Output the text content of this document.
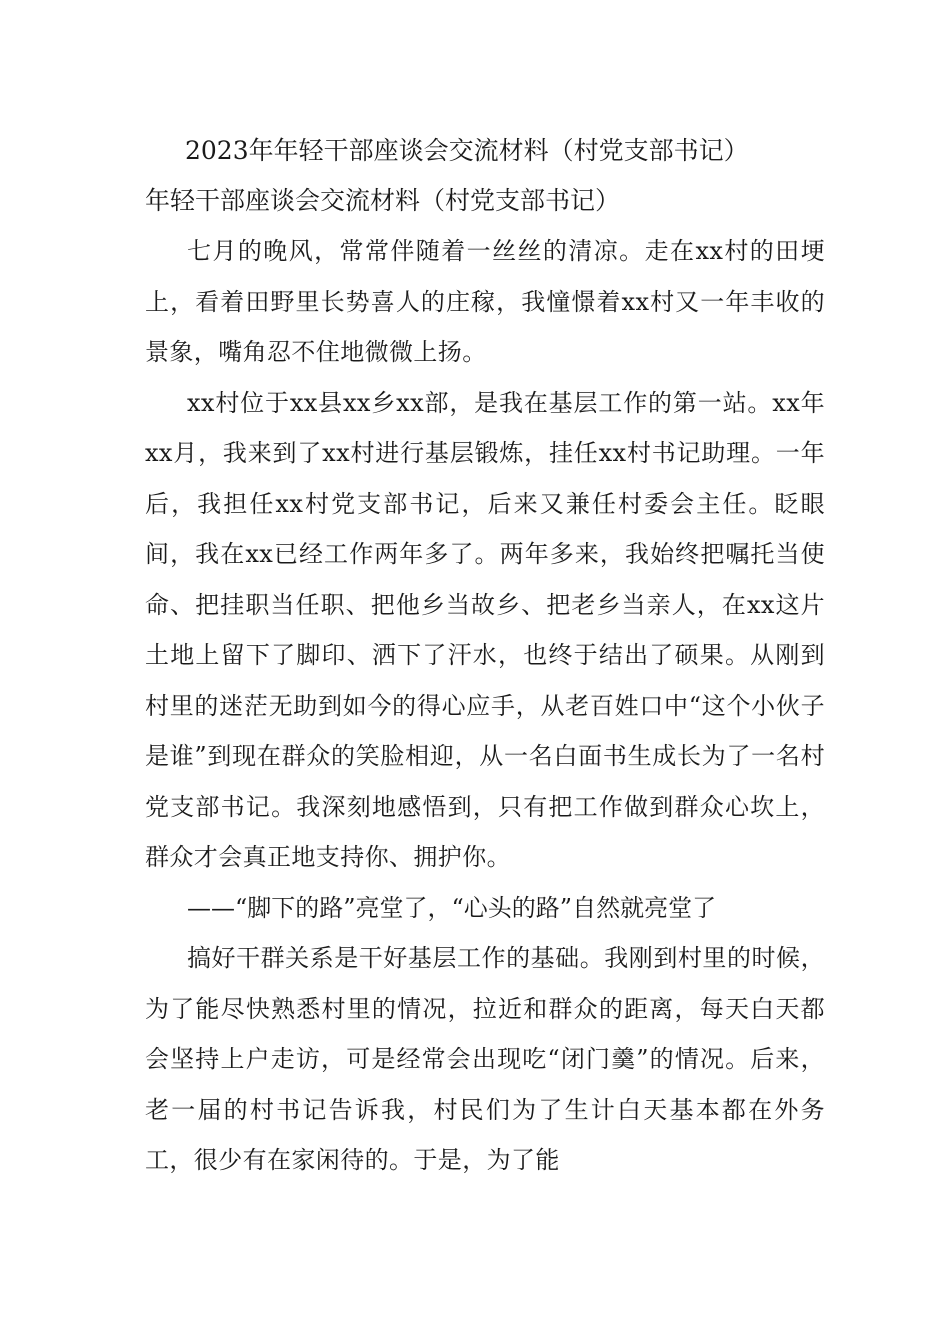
2023年年轻干部座谈会交流材料（村党支部书记）
年轻干部座谈会交流材料（村党支部书记）

七月的晚风，常常伴随着一丝丝的清凉。走在xx村的田埂上，看着田野里长势喜人的庄稼，我憧憬着xx村又一年丰收的景象，嘴角忍不住地微微上扬。

xx村位于xx县xx乡xx部，是我在基层工作的第一站。xx年xx月，我来到了xx村进行基层锻炼，挂任xx村书记助理。一年后，我担任xx村党支部书记，后来又兼任村委会主任。眨眼间，我在xx已经工作两年多了。两年多来，我始终把嘱托当使命、把挂职当任职、把他乡当故乡、把老乡当亲人，在xx这片土地上留下了脚印、洒下了汗水，也终于结出了硕果。从刚到村里的迷茫无助到如今的得心应手，从老百姓口中“这个小伙子是谁”到现在群众的笑脸相迎，从一名白面书生成长为了一名村党支部书记。我深刻地感悟到，只有把工作做到群众心坎上，群众才会真正地支持你、拥护你。

——“脚下的路”亮堂了，“心头的路”自然就亮堂了

搞好干群关系是干好基层工作的基础。我刚到村里的时候，为了能尽快熟悉村里的情况，拉近和群众的距离，每天白天都会坚持上户走访，可是经常会出现吃“闭门羹”的情况。后来，老一届的村书记告诉我，村民们为了生计白天基本都在外务工，很少有在家闲待的。于是，为了能
